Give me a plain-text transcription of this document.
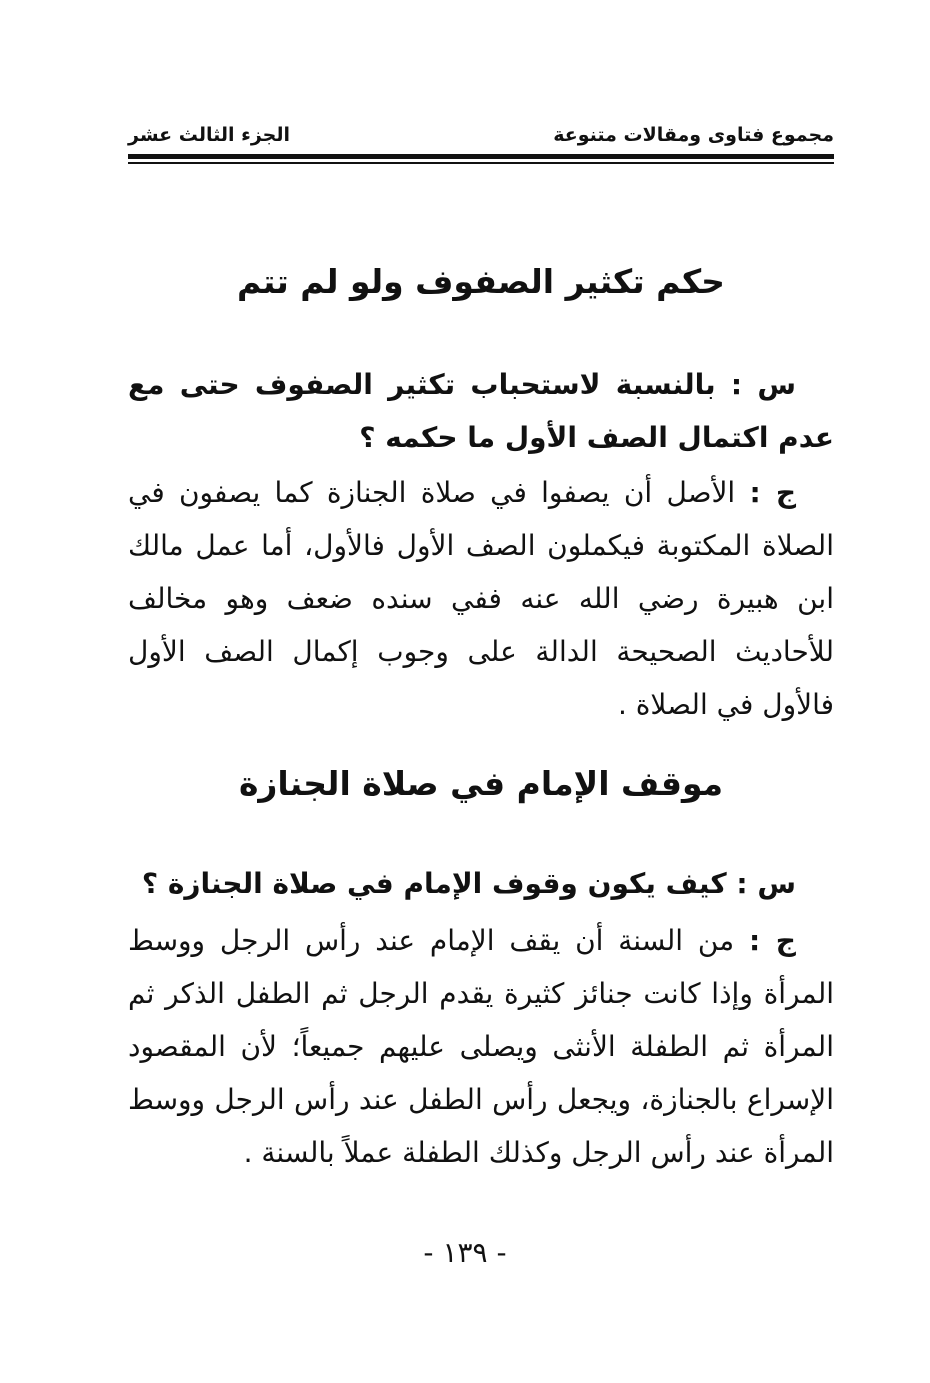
مجموع فتاوى ومقالات متنوعة
الجزء الثالث عشر
حكم تكثير الصفوف ولو لم تتم
س : بالنسبة لاستحباب تكثير الصفوف حتى مع عدم اكتمال الصف الأول ما حكمه ؟
ج : الأصل أن يصفوا في صلاة الجنازة كما يصفون في الصلاة المكتوبة فيكملون الصف الأول فالأول، أما عمل مالك ابن هبيرة رضي الله عنه ففي سنده ضعف وهو مخالف للأحاديث الصحيحة الدالة على وجوب إكمال الصف الأول فالأول في الصلاة .
موقف الإمام في صلاة الجنازة
س : كيف يكون وقوف الإمام في صلاة الجنازة ؟
ج : من السنة أن يقف الإمام عند رأس الرجل ووسط المرأة وإذا كانت جنائز كثيرة يقدم الرجل ثم الطفل الذكر ثم المرأة ثم الطفلة الأنثى ويصلى عليهم جميعاً؛ لأن المقصود الإسراع بالجنازة، ويجعل رأس الطفل عند رأس الرجل ووسط المرأة عند رأس الرجل وكذلك الطفلة عملاً بالسنة .
- ١٣٩ -
